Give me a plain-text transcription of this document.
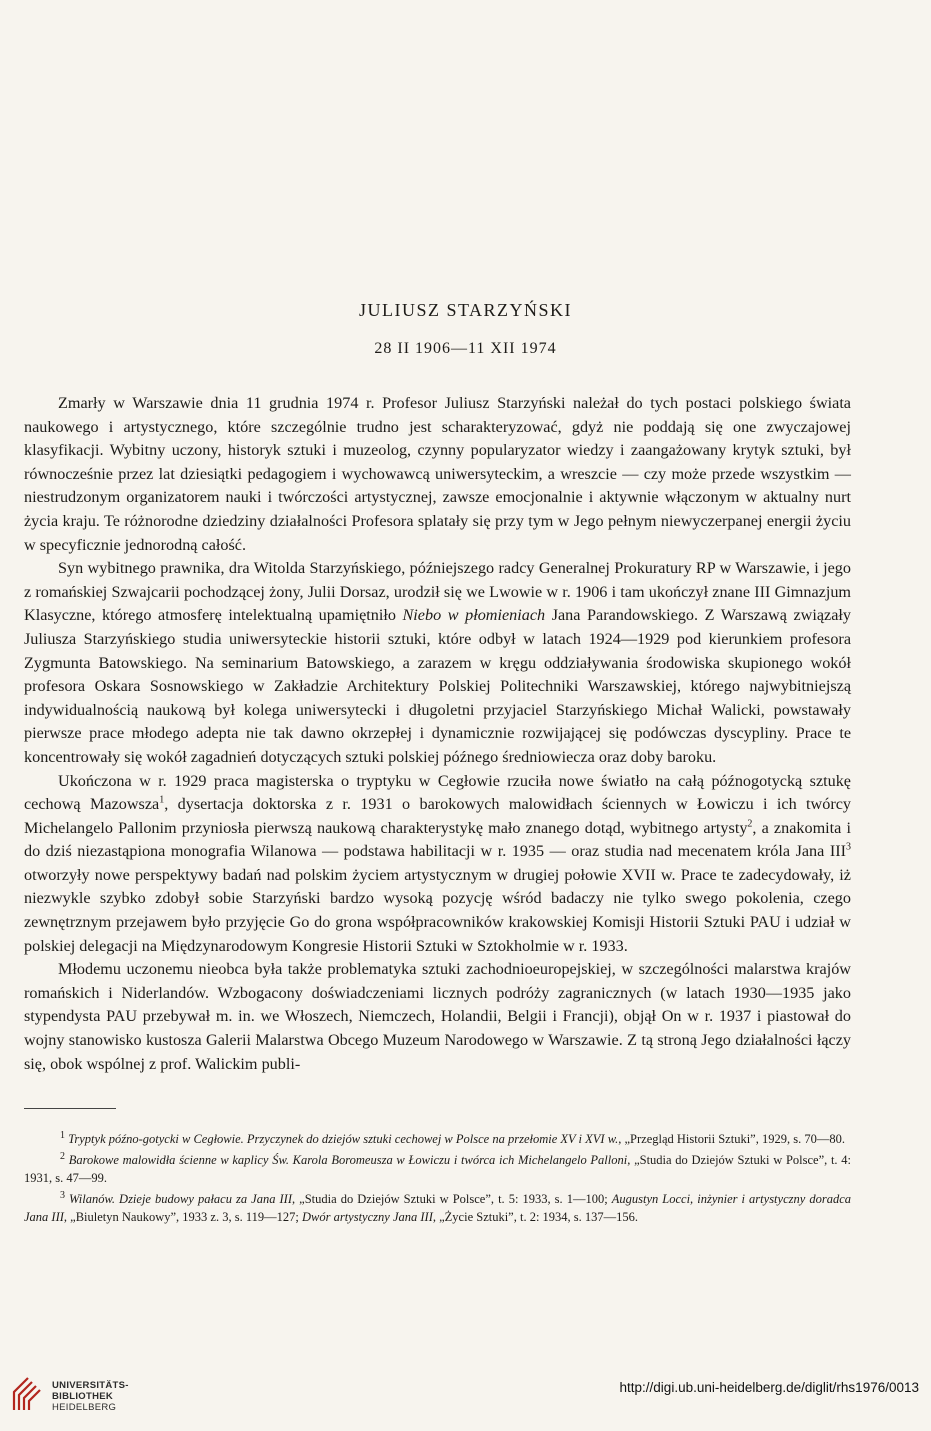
JULIUSZ STARZYŃSKI
28 II 1906—11 XII 1974

Zmarły w Warszawie dnia 11 grudnia 1974 r. Profesor Juliusz Starzyński należał do tych postaci polskiego świata naukowego i artystycznego, które szczególnie trudno jest scharakteryzować, gdyż nie poddają się one zwyczajowej klasyfikacji. Wybitny uczony, historyk sztuki i muzeolog, czynny popularyzator wiedzy i zaangażowany krytyk sztuki, był równocześnie przez lat dziesiątki pedagogiem i wychowawcą uniwersyteckim, a wreszcie — czy może przede wszystkim — niestrudzonym organizatorem nauki i twórczości artystycznej, zawsze emocjonalnie i aktywnie włączonym w aktualny nurt życia kraju. Te różnorodne dziedziny działalności Profesora splatały się przy tym w Jego pełnym niewyczerpanej energii życiu w specyficznie jednorodną całość.

Syn wybitnego prawnika, dra Witolda Starzyńskiego, późniejszego radcy Generalnej Prokuratury RP w Warszawie, i jego z romańskiej Szwajcarii pochodzącej żony, Julii Dorsaz, urodził się we Lwowie w r. 1906 i tam ukończył znane III Gimnazjum Klasyczne, którego atmosferę intelektualną upamiętniło Niebo w płomieniach Jana Parandowskiego. Z Warszawą związały Juliusza Starzyńskiego studia uniwersyteckie historii sztuki, które odbył w latach 1924—1929 pod kierunkiem profesora Zygmunta Batowskiego. Na seminarium Batowskiego, a zarazem w kręgu oddziaływania środowiska skupionego wokół profesora Oskara Sosnowskiego w Zakładzie Architektury Polskiej Politechniki Warszawskiej, którego najwybitniejszą indywidualnością naukową był kolega uniwersytecki i długoletni przyjaciel Starzyńskiego Michał Walicki, powstawały pierwsze prace młodego adepta nie tak dawno okrzepłej i dynamicznie rozwijającej się podówczas dyscypliny. Prace te koncentrowały się wokół zagadnień dotyczących sztuki polskiej późnego średniowiecza oraz doby baroku.

Ukończona w r. 1929 praca magisterska o tryptyku w Cegłowie rzuciła nowe światło na całą późnogotycką sztukę cechową Mazowsza$^1$, dysertacja doktorska z r. 1931 o barokowych malowidłach ściennych w Łowiczu i ich twórcy Michelangelo Pallonim przyniosła pierwszą naukową charakterystykę mało znanego dotąd, wybitnego artysty$^2$, a znakomita i do dziś niezastąpiona monografia Wilanowa — podstawa habilitacji w r. 1935 — oraz studia nad mecenatem króla Jana III$^3$ otworzyły nowe perspektywy badań nad polskim życiem artystycznym w drugiej połowie XVII w. Prace te zadecydowały, iż niezwykle szybko zdobył sobie Starzyński bardzo wysoką pozycję wśród badaczy nie tylko swego pokolenia, czego zewnętrznym przejawem było przyjęcie Go do grona współpracowników krakowskiej Komisji Historii Sztuki PAU i udział w polskiej delegacji na Międzynarodowym Kongresie Historii Sztuki w Sztokholmie w r. 1933.

Młodemu uczonemu nieobca była także problematyka sztuki zachodnioeuropejskiej, w szczególności malarstwa krajów romańskich i Niderlandów. Wzbogacony doświadczeniami licznych podróży zagranicznych (w latach 1930—1935 jako stypendysta PAU przebywał m. in. we Włoszech, Niemczech, Holandii, Belgii i Francji), objął On w r. 1937 i piastował do wojny stanowisko kustosza Galerii Malarstwa Obcego Muzeum Narodowego w Warszawie. Z tą stroną Jego działalności łączy się, obok wspólnej z prof. Walickim publi-

$^1$ Tryptyk późno-gotycki w Cegłowie. Przyczynek do dziejów sztuki cechowej w Polsce na przełomie XV i XVI w., „Przegląd Historii Sztuki”, 1929, s. 70—80.

$^2$ Barokowe malowidła ścienne w kaplicy Św. Karola Boromeusza w Łowiczu i twórca ich Michelangelo Palloni, „Studia do Dziejów Sztuki w Polsce”, t. 4: 1931, s. 47—99.

$^3$ Wilanów. Dzieje budowy pałacu za Jana III, „Studia do Dziejów Sztuki w Polsce”, t. 5: 1933, s. 1—100; Augustyn Locci, inżynier i artystyczny doradca Jana III, „Biuletyn Naukowy”, 1933 z. 3, s. 119—127; Dwór artystyczny Jana III, „Życie Sztuki”, t. 2: 1934, s. 137—156.

UNIVERSITÄTS-
BIBLIOTHEK
HEIDELBERG
http://digi.ub.uni-heidelberg.de/diglit/rhs1976/0013
